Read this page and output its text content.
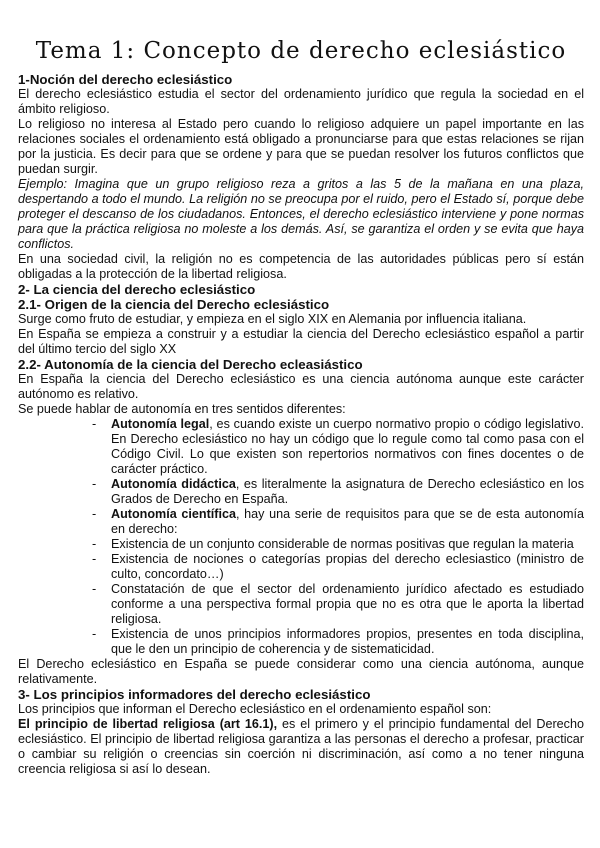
Tema 1: Concepto de derecho eclesiástico
1-Noción del derecho eclesiástico

El derecho eclesiástico estudia el sector del ordenamiento jurídico que regula la sociedad en el ámbito religioso.

Lo religioso no interesa al Estado pero cuando lo religioso adquiere un papel importante en las relaciones sociales el ordenamiento está obligado a pronunciarse para que estas relaciones se rijan por la justicia. Es decir para que se ordene y para que se puedan resolver los futuros conflictos que puedan surgir.

Ejemplo: Imagina que un grupo religioso reza a gritos a las 5 de la mañana en una plaza, despertando a todo el mundo. La religión no se preocupa por el ruido, pero el Estado sí, porque debe proteger el descanso de los ciudadanos. Entonces, el derecho eclesiástico interviene y pone normas para que la práctica religiosa no moleste a los demás. Así, se garantiza el orden y se evita que haya conflictos.

En una sociedad civil, la religión no es competencia de las autoridades públicas pero sí están obligadas a la protección de la libertad religiosa.

2- La ciencia del derecho eclesiástico
2.1- Origen de la ciencia del Derecho eclesiástico

Surge como fruto de estudiar, y empieza en el siglo XIX en Alemania por influencia italiana.

En España se empieza a construir y a estudiar la ciencia del Derecho eclesiástico español a partir del último tercio del siglo XX

2.2- Autonomía de la ciencia del Derecho ecleasiástico

En España la ciencia del Derecho eclesiástico es una ciencia autónoma aunque este carácter autónomo es relativo.

Se puede hablar de autonomía en tres sentidos diferentes:

- Autonomía legal, es cuando existe un cuerpo normativo propio o código legislativo. En Derecho eclesiástico no hay un código que lo regule como tal como pasa con el Código Civil. Lo que existen son repertorios normativos con fines docentes o de carácter práctico.
- Autonomía didáctica, es literalmente la asignatura de Derecho eclesiástico en los Grados de Derecho en España.
- Autonomía científica, hay una serie de requisitos para que se de esta autonomía en derecho:
- Existencia de un conjunto considerable de normas positivas que regulan la materia
- Existencia de nociones o categorías propias del derecho eclesiastico (ministro de culto, concordato…)
- Constatación de que el sector del ordenamiento jurídico afectado es estudiado conforme a una perspectiva formal propia que no es otra que le aporta la libertad religiosa.
- Existencia de unos principios informadores propios, presentes en toda disciplina, que le den un principio de coherencia y de sistematicidad.

El Derecho eclesiástico en España se puede considerar como una ciencia autónoma, aunque relativamente.

3- Los principios informadores del derecho eclesiástico

Los principios que informan el Derecho eclesiástico en el ordenamiento español son:

El principio de libertad religiosa (art 16.1), es el primero y el principio fundamental del Derecho eclesiástico. El principio de libertad religiosa garantiza a las personas el derecho a profesar, practicar o cambiar su religión o creencias sin coerción ni discriminación, así como a no tener ninguna creencia religiosa si así lo desean.
